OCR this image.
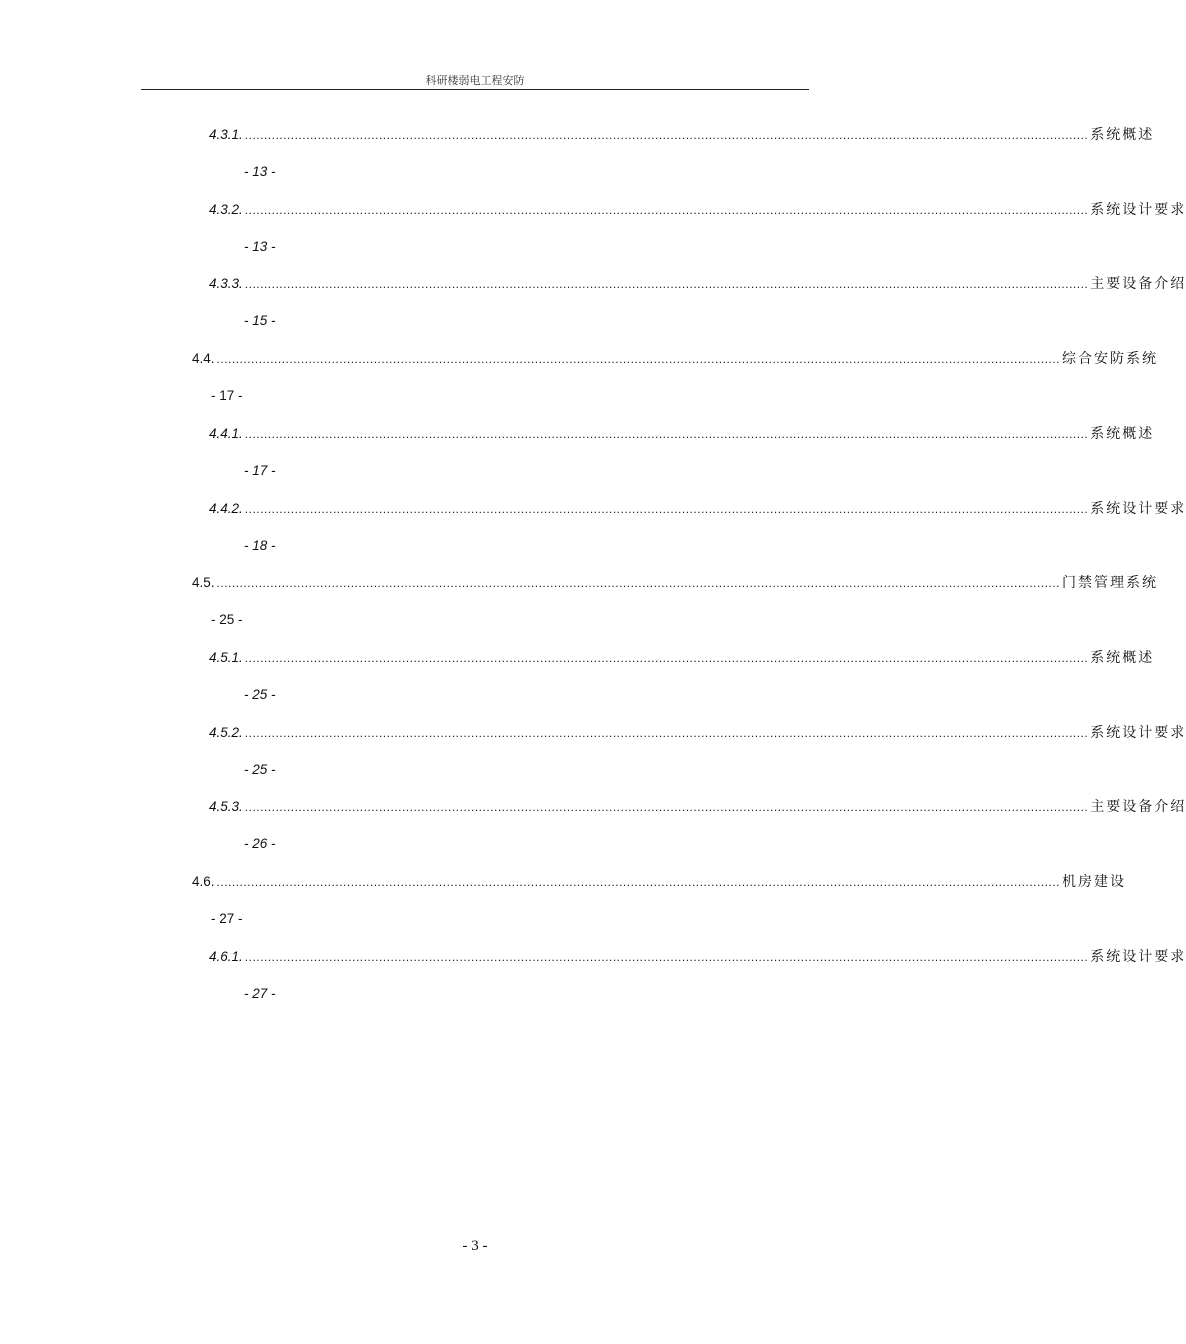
科研楼弱电工程安防
4.3.1. ............................................................................................................................................................................................................................ 系统概述
- 13 -
4.3.2. ............................................................................................................................................................................................................................ 系统设计要求
- 13 -
4.3.3. ............................................................................................................................................................................................................................ 主要设备介绍
- 15 -
4.4. ............................................................................................................................................................................................................................ 综合安防系统
- 17 -
4.4.1. ............................................................................................................................................................................................................................ 系统概述
- 17 -
4.4.2. ............................................................................................................................................................................................................................ 系统设计要求
- 18 -
4.5. ............................................................................................................................................................................................................................ 门禁管理系统
- 25 -
4.5.1. ............................................................................................................................................................................................................................ 系统概述
- 25 -
4.5.2. ............................................................................................................................................................................................................................ 系统设计要求
- 25 -
4.5.3. ............................................................................................................................................................................................................................ 主要设备介绍
- 26 -
4.6. ............................................................................................................................................................................................................................ 机房建设
- 27 -
4.6.1. ............................................................................................................................................................................................................................ 系统设计要求
- 27 -
- 3 -
